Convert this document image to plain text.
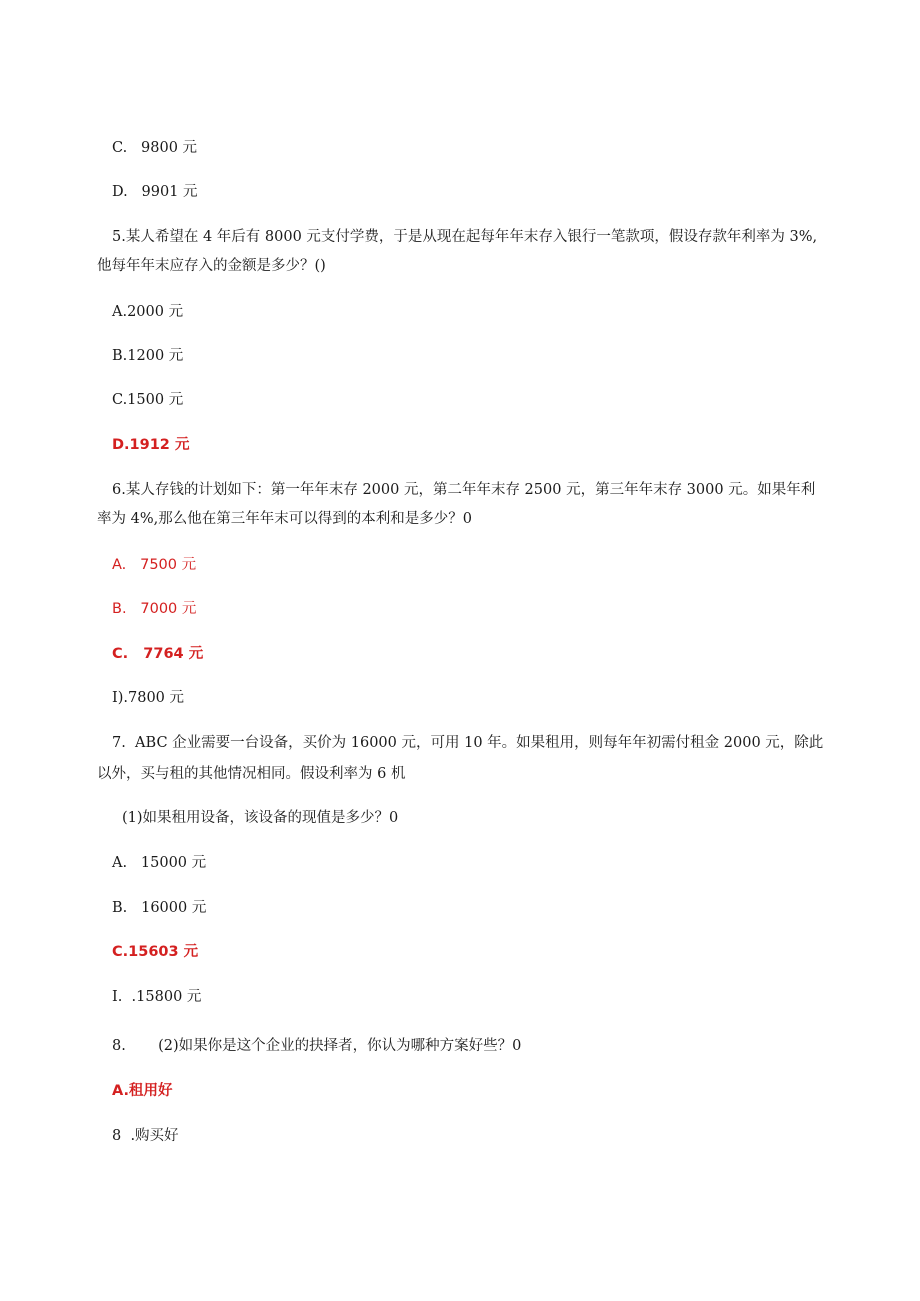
C.   9800 元
D.   9901 元
5.某人希望在 4 年后有 8000 元支付学费，于是从现在起每年年末存入银行一笔款项，假设存款年利率为 3%,
他每年年末应存入的金额是多少？()
A.2000 元
B.1200 元
C.1500 元
D.1912 元
6.某人存钱的计划如下：第一年年末存 2000 元，第二年年末存 2500 元，第三年年末存 3000 元。如果年利
率为 4%,那么他在第三年年末可以得到的本利和是多少？0
A.   7500 元
B.   7000 元
C.   7764 元
I).7800 元
7.  ABC 企业需要一台设备，买价为 16000 元，可用 10 年。如果租用，则每年年初需付租金 2000 元，除此
以外，买与租的其他情况相同。假设利率为 6 机
(1)如果租用设备，该设备的现值是多少？0
A.   15000 元
B.   16000 元
C.15603 元
I.  .15800 元
8.       (2)如果你是这个企业的抉择者，你认为哪种方案好些？0
A.租用好
8  .购买好
